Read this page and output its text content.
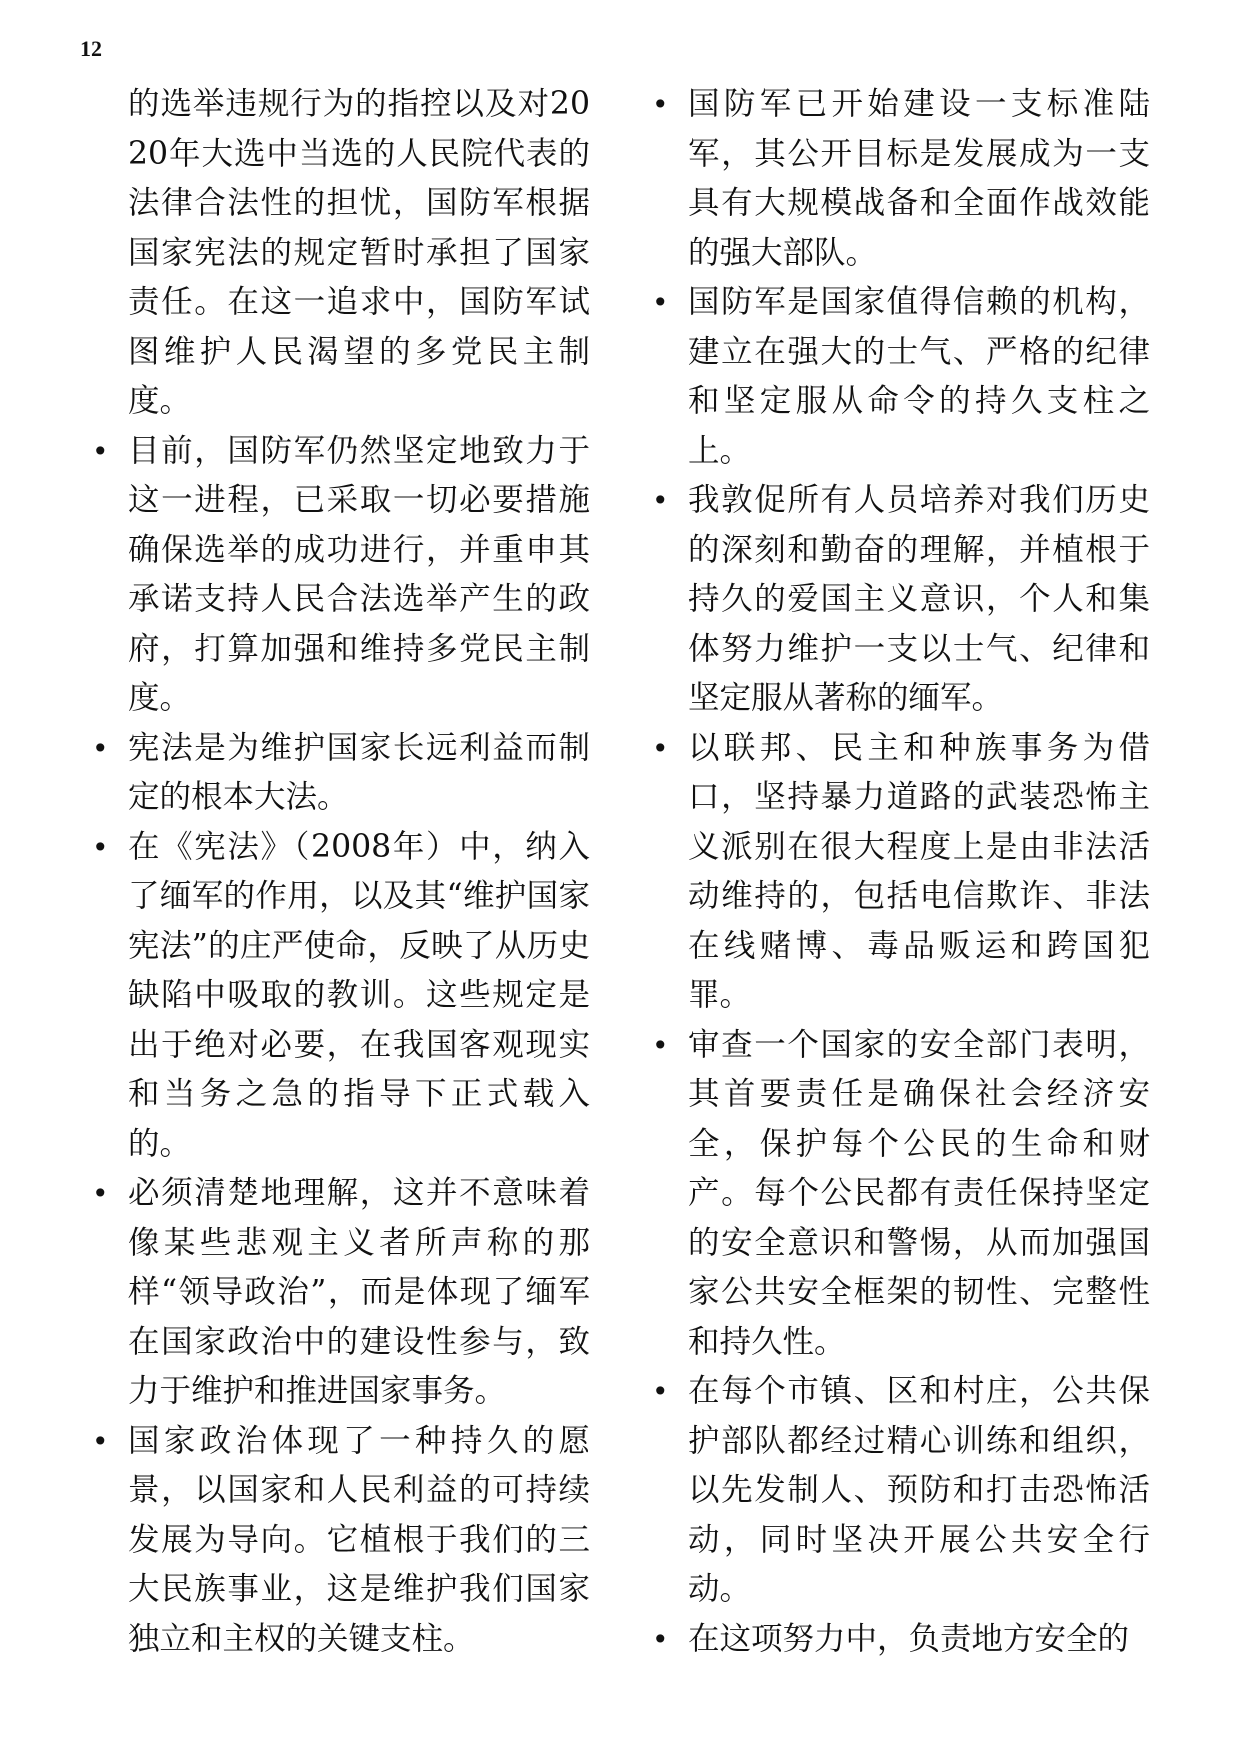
12
的选举违规行为的指控以及对2020年大选中当选的人民院代表的法律合法性的担忧，国防军根据国家宪法的规定暂时承担了国家责任。在这一追求中，国防军试图维护人民渴望的多党民主制度。
• 目前，国防军仍然坚定地致力于这一进程，已采取一切必要措施确保选举的成功进行，并重申其承诺支持人民合法选举产生的政府，打算加强和维持多党民主制度。
• 宪法是为维护国家长远利益而制定的根本大法。
• 在《宪法》（2008年）中，纳入了缅军的作用，以及其“维护国家宪法”的庄严使命，反映了从历史缺陷中吸取的教训。这些规定是出于绝对必要，在我国客观现实和当务之急的指导下正式载入的。
• 必须清楚地理解，这并不意味着像某些悲观主义者所声称的那样“领导政治”，而是体现了缅军在国家政治中的建设性参与，致力于维护和推进国家事务。
• 国家政治体现了一种持久的愿景，以国家和人民利益的可持续发展为导向。它植根于我们的三大民族事业，这是维护我们国家独立和主权的关键支柱。
• 国防军已开始建设一支标准陆军，其公开目标是发展成为一支具有大规模战备和全面作战效能的强大部队。
• 国防军是国家值得信赖的机构，建立在强大的士气、严格的纪律和坚定服从命令的持久支柱之上。
• 我敦促所有人员培养对我们历史的深刻和勤奋的理解，并植根于持久的爱国主义意识，个人和集体努力维护一支以士气、纪律和坚定服从著称的缅军。
• 以联邦、民主和种族事务为借口，坚持暴力道路的武装恐怖主义派别在很大程度上是由非法活动维持的，包括电信欺诈、非法在线赌博、毒品贩运和跨国犯罪。
• 审查一个国家的安全部门表明，其首要责任是确保社会经济安全，保护每个公民的生命和财产。每个公民都有责任保持坚定的安全意识和警惕，从而加强国家公共安全框架的韧性、完整性和持久性。
• 在每个市镇、区和村庄，公共保护部队都经过精心训练和组织，以先发制人、预防和打击恐怖活动，同时坚决开展公共安全行动。
• 在这项努力中，负责地方安全的
